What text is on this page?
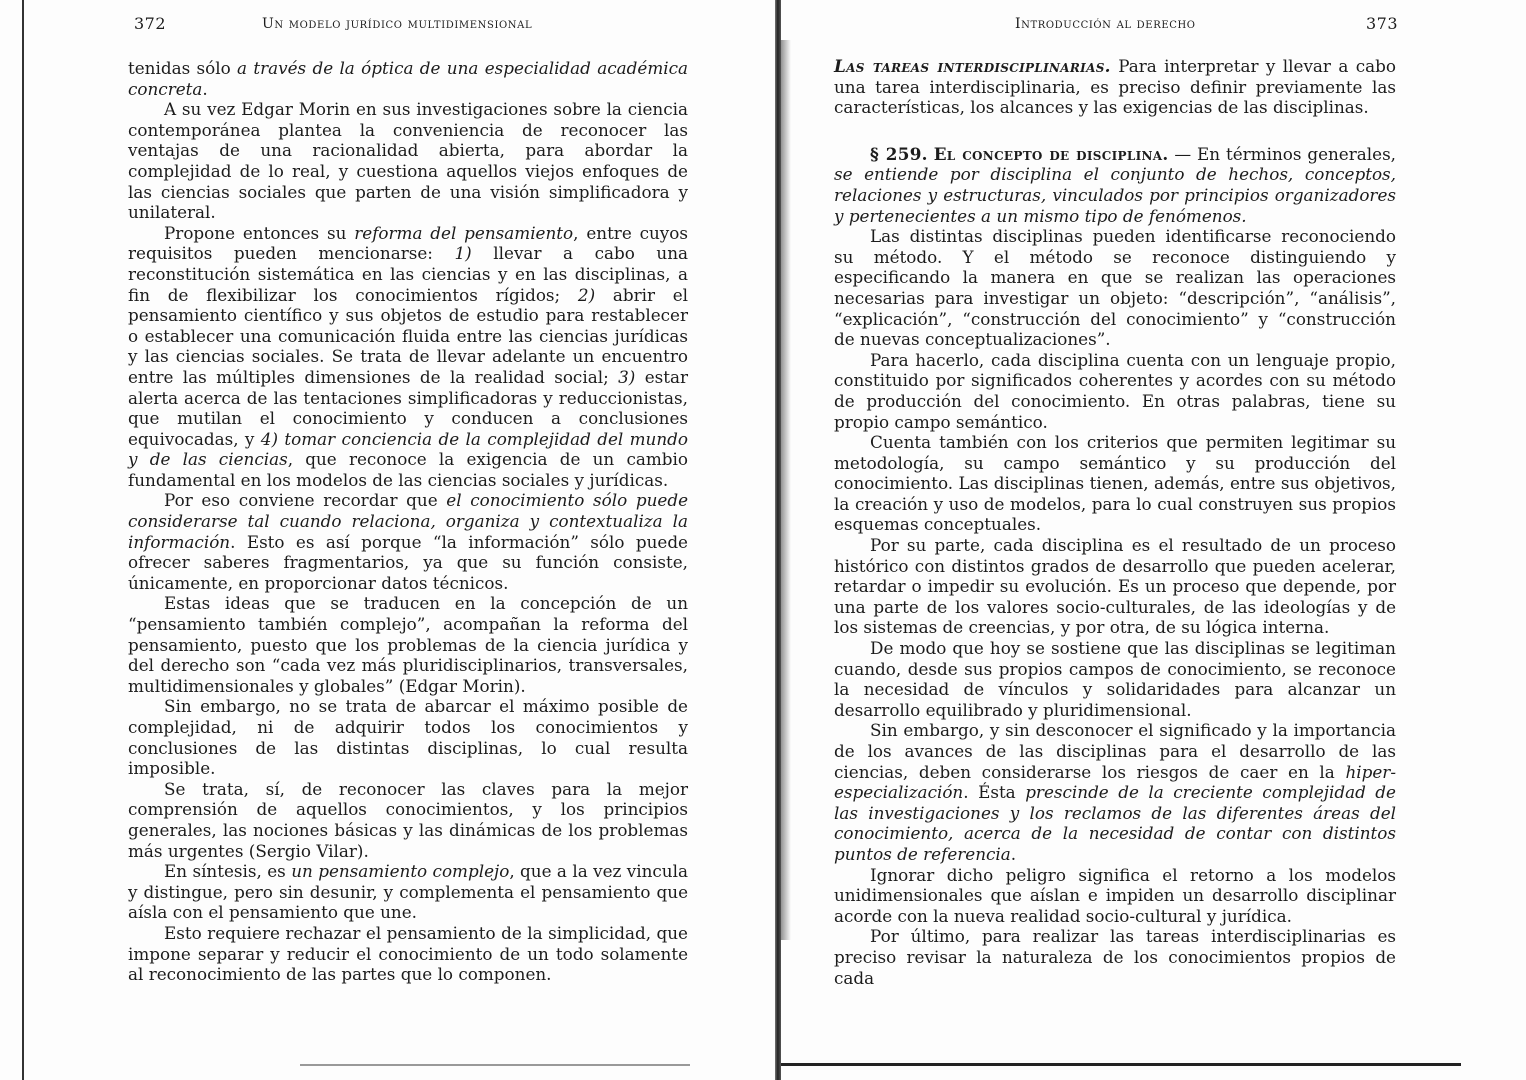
372	Un modelo jurídico multidimensional

tenidas sólo a través de la óptica de una especialidad académica concreta.

A su vez Edgar Morin en sus investigaciones sobre la ciencia contemporánea plantea la conveniencia de reconocer las ventajas de una racionalidad abierta, para abordar la complejidad de lo real, y cuestiona aquellos viejos enfoques de las ciencias sociales que parten de una visión simplificadora y unilateral.

Propone entonces su reforma del pensamiento, entre cuyos requisitos pueden mencionarse: 1) llevar a cabo una reconstitución sistemática en las ciencias y en las disciplinas, a fin de flexibilizar los conocimientos rígidos; 2) abrir el pensamiento científico y sus objetos de estudio para restablecer o establecer una comunicación fluida entre las ciencias jurídicas y las ciencias sociales. Se trata de llevar adelante un encuentro entre las múltiples dimensiones de la realidad social; 3) estar alerta acerca de las tentaciones simplificadoras y reduccionistas, que mutilan el conocimiento y conducen a conclusiones equivocadas, y 4) tomar conciencia de la complejidad del mundo y de las ciencias, que reconoce la exigencia de un cambio fundamental en los modelos de las ciencias sociales y jurídicas.

Por eso conviene recordar que el conocimiento sólo puede considerarse tal cuando relaciona, organiza y contextualiza la información. Esto es así porque “la información” sólo puede ofrecer saberes fragmentarios, ya que su función consiste, únicamente, en proporcionar datos técnicos.

Estas ideas que se traducen en la concepción de un “pensamiento también complejo”, acompañan la reforma del pensamiento, puesto que los problemas de la ciencia jurídica y del derecho son “cada vez más pluridisciplinarios, transversales, multidimensionales y globales” (Edgar Morin).

Sin embargo, no se trata de abarcar el máximo posible de complejidad, ni de adquirir todos los conocimientos y conclusiones de las distintas disciplinas, lo cual resulta imposible.

Se trata, sí, de reconocer las claves para la mejor comprensión de aquellos conocimientos, y los principios generales, las nociones básicas y las dinámicas de los problemas más urgentes (Sergio Vilar).

En síntesis, es un pensamiento complejo, que a la vez vincula y distingue, pero sin desunir, y complementa el pensamiento que aísla con el pensamiento que une.

Esto requiere rechazar el pensamiento de la simplicidad, que impone separar y reducir el conocimiento de un todo solamente al reconocimiento de las partes que lo componen.

Introducción al derecho	373

Las tareas interdisciplinarias. Para interpretar y llevar a cabo una tarea interdisciplinaria, es preciso definir previamente las características, los alcances y las exigencias de las disciplinas.

§ 259. El concepto de disciplina. — En términos generales, se entiende por disciplina el conjunto de hechos, conceptos, relaciones y estructuras, vinculados por principios organizadores y pertenecientes a un mismo tipo de fenómenos.

Las distintas disciplinas pueden identificarse reconociendo su método. Y el método se reconoce distinguiendo y especificando la manera en que se realizan las operaciones necesarias para investigar un objeto: “descripción”, “análisis”, “explicación”, “construcción del conocimiento” y “construcción de nuevas conceptualizaciones”.

Para hacerlo, cada disciplina cuenta con un lenguaje propio, constituido por significados coherentes y acordes con su método de producción del conocimiento. En otras palabras, tiene su propio campo semántico.

Cuenta también con los criterios que permiten legitimar su metodología, su campo semántico y su producción del conocimiento. Las disciplinas tienen, además, entre sus objetivos, la creación y uso de modelos, para lo cual construyen sus propios esquemas conceptuales.

Por su parte, cada disciplina es el resultado de un proceso histórico con distintos grados de desarrollo que pueden acelerar, retardar o impedir su evolución. Es un proceso que depende, por una parte de los valores socio-culturales, de las ideologías y de los sistemas de creencias, y por otra, de su lógica interna.

De modo que hoy se sostiene que las disciplinas se legitiman cuando, desde sus propios campos de conocimiento, se reconoce la necesidad de vínculos y solidaridades para alcanzar un desarrollo equilibrado y pluridimensional.

Sin embargo, y sin desconocer el significado y la importancia de los avances de las disciplinas para el desarrollo de las ciencias, deben considerarse los riesgos de caer en la hiper-especialización. Ésta prescinde de la creciente complejidad de las investigaciones y los reclamos de las diferentes áreas del conocimiento, acerca de la necesidad de contar con distintos puntos de referencia.

Ignorar dicho peligro significa el retorno a los modelos unidimensionales que aíslan e impiden un desarrollo disciplinar acorde con la nueva realidad socio-cultural y jurídica.

Por último, para realizar las tareas interdisciplinarias es preciso revisar la naturaleza de los conocimientos propios de cada
